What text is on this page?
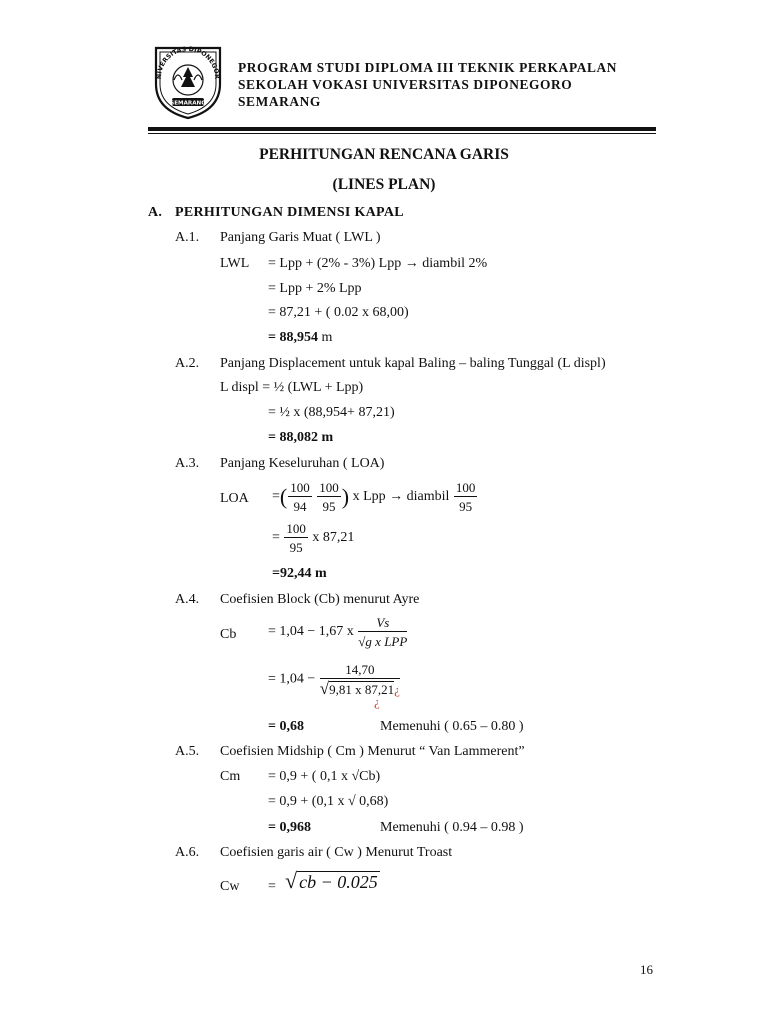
NIVERSITAS DIPONEGOR
SEMARANG
PROGRAM STUDI DIPLOMA III TEKNIK PERKAPALAN
SEKOLAH VOKASI UNIVERSITAS DIPONEGORO
SEMARANG
PERHITUNGAN RENCANA GARIS
(LINES PLAN)
A. PERHITUNGAN DIMENSI KAPAL
A.1. Panjang Garis Muat ( LWL )
LWL = Lpp + (2% - 3%) Lpp → diambil 2%
= Lpp + 2% Lpp
= 87,21 + ( 0.02 x 68,00)
= 88,954 m
A.2. Panjang Displacement untuk kapal Baling – baling Tunggal (L displ)
L displ = ½ (LWL + Lpp)
= ½ x (88,954+ 87,21)
= 88,082 m
A.3. Panjang Keseluruhan ( LOA)
LOA =( $\frac{100}{94}$
$\frac{100}{95}$ ) x Lpp → diambil $\frac{100}{95}$
= $\frac{100}{95}$ x 87,21
=92,44 m
A.4. Coefisien Block (Cb) menurut Ayre
Cb = 1,04 − 1,67 x $\frac{Vs}{\text{√g x LPP}}$
= $1,04 - \frac{14,70}{√9,81 x 87,21¿}$
¿
= 0,68	Memenuhi ( 0.65 – 0.80 )
A.5. Coefisien Midship ( Cm ) Menurut “ Van Lammerent”
Cm = 0,9 + ( 0,1 x √Cb)
= 0,9 + (0,1 x √ 0,68)
= 0,968	Memenuhi ( 0.94 – 0.98 )
A.6. Coefisien garis air ( Cw ) Menurut Troast
Cw = √ cb − 0.025
16
